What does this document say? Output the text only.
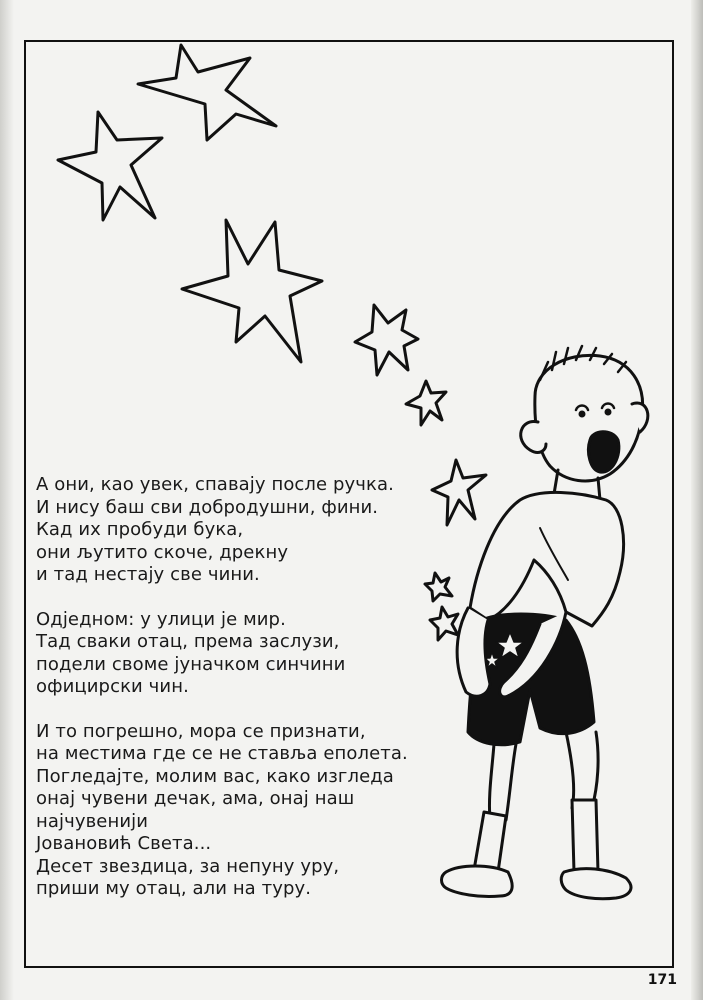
А они, као увек, спавају после ручка.
И нису баш сви добродушни, фини.
Кад их пробуди бука,
они љутито скоче, дрекну
и тад нестају све чини.
Одједном: у улици је мир.
Тад сваки отац, према заслузи,
подели своме јуначком синчини
официрски чин.
И то погрешно, мора се признати,
на местима где се не ставља еполета.
Погледајте, молим вас, како изгледа
онај чувени дечак, ама, онај наш
најчувенији
Јовановић Света...
Десет звездица, за непуну уру,
приши му отац, али на туру.
171
